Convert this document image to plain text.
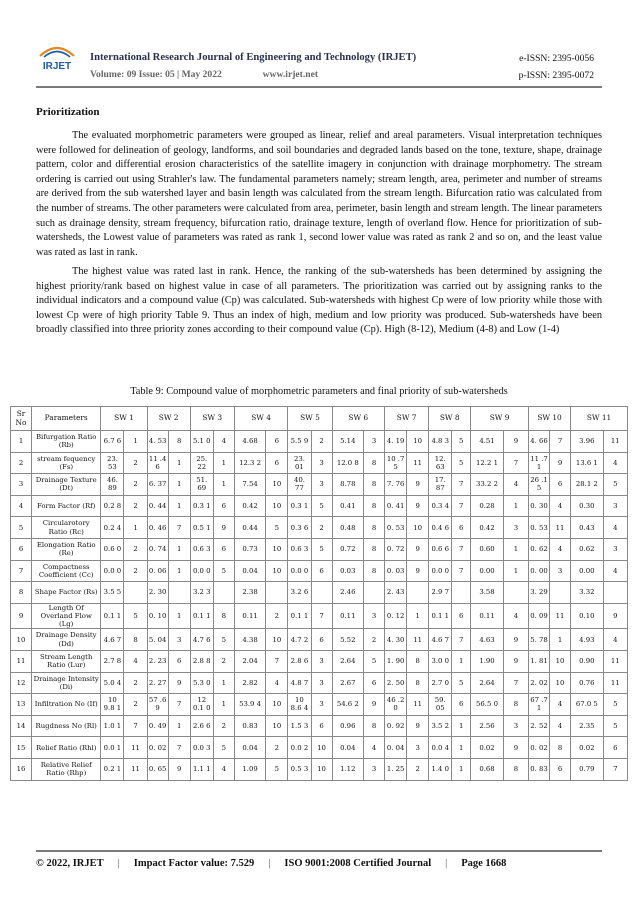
IRJET
International Research Journal of Engineering and Technology (IRJET)
Volume: 09 Issue: 05 | May 2022	www.irjet.net
e-ISSN: 2395-0056
p-ISSN: 2395-0072
Prioritization

The evaluated morphometric parameters were grouped as linear, relief and areal parameters. Visual interpretation techniques were followed for delineation of geology, landforms, and soil boundaries and degraded lands based on the tone, texture, shape, drainage pattern, color and differential erosion characteristics of the satellite imagery in conjunction with drainage morphometry. The stream ordering is carried out using Strahler's law. The fundamental parameters namely; stream length, area, perimeter and number of streams are derived from the sub watershed layer and basin length was calculated from the stream length. Bifurcation ratio was calculated from the number of streams. The other parameters were calculated from area, perimeter, basin length and stream length. The linear parameters such as drainage density, stream frequency, bifurcation ratio, drainage texture, length of overland flow. Hence for prioritization of sub-watersheds, the Lowest value of parameters was rated as rank 1, second lower value was rated as rank 2 and so on, and the least value was rated as last in rank.

The highest value was rated last in rank. Hence, the ranking of the sub-watersheds has been determined by assigning the highest priority/rank based on highest value in case of all parameters. The prioritization was carried out by assigning ranks to the individual indicators and a compound value (Cp) was calculated. Sub-watersheds with highest Cp were of low priority while those with lowest Cp were of high priority Table 9. Thus an index of high, medium and low priority was produced. Sub-watersheds have been broadly classified into three priority zones according to their compound value (Cp). High (8-12), Medium (4-8) and Low (1-4)

Table 9: Compound value of morphometric parameters and final priority of sub-watersheds
Sr No	Parameters	SW 1		SW 2		SW 3		SW 4		SW 5		SW 6		SW 7		SW 8		SW 9		SW 10		SW 11	
1	Bifurgation Ratio (Rb)	6.7 6	1	4. 53	8	5.1 0	4	4.68	6	5.5 9	2	5.14	3	4. 19	10	4.8 3	5	4.51	9	4. 66	7	3.96	11
2	stream fequency (Fs)	23. 53	2	11 .4 6	1	25. 22	1	12.3 2	6	23. 01	3	12.0 8	8	10 .7 5	11	12. 63	5	12.2 1	7	11 .7 1	9	13.6 1	4
3	Drainage Texture (Dt)	46. 89	2	6. 37	1	51. 69	1	7.54	10	40. 77	3	8.78	8	7. 76	9	17. 87	7	33.2 2	4	26 .1 5	6	28.1 2	5
4	Form Factor (Rf)	0.2 8	2	0. 44	1	0.3 1	6	0.42	10	0.3 1	5	0.41	8	0. 41	9	0.3 4	7	0.28	1	0. 30	4	0.30	3
5	Circularotory Ratio (Rc)	0.2 4	1	0. 46	7	0.5 1	9	0.44	5	0.3 6	2	0.48	8	0. 53	10	0.4 6	6	0.42	3	0. 53	11	0.43	4
6	Elongation Ratio (Re)	0.6 0	2	0. 74	1	0.6 3	6	0.73	10	0.6 3	5	0.72	8	0. 72	9	0.6 6	7	0.60	1	0. 62	4	0.62	3
7	Compactness Coefficient (Cc)	0.0 0	2	0. 06	1	0.0 0	5	0.04	10	0.0 0	6	0.03	8	0. 03	9	0.0 0	7	0.00	1	0. 00	3	0.00	4
8	Shape Factor (Rs)	3.5 5		2. 30		3.2 3		2.38		3.2 6		2.46		2. 43		2.9 7		3.58		3. 29		3.32	
9	Length Of Overland Flow (Lg)	0.1 1	5	0. 10	1	0.1 1	8	0.11	2	0.1 1	7	0.11	3	0. 12	1	0.1 1	6	0.11	4	0. 09	11	0.10	9
10	Drainage Density (Dd)	4.6 7	8	5. 04	3	4.7 6	5	4.38	10	4.7 2	6	5.52	2	4. 30	11	4.6 7	7	4.63	9	5. 78	1	4.93	4
11	Stream Length Ratio (Lur)	2.7 8	4	2. 23	6	2.8 8	2	2.04	7	2.8 6	3	2.64	5	1. 90	8	3.0 0	1	1.90	9	1. 81	10	0.90	11
12	Drainage Intensity (Di)	5.0 4	2	2. 27	9	5.3 0	1	2.82	4	4.8 7	3	2.67	6	2. 50	8	2.7 0	5	2.64	7	2. 02	10	0.76	11
13	Infiltration No (If)	10 9.8 1	2	57 .6 9	7	12 0.1 0	1	53.9 4	10	10 8.6 4	3	54.6 2	9	46 .2 0	11	59. 05	6	56.5 0	8	67 .7 1	4	67.0 5	5
14	Rugdness No (Rl)	1.0 1	7	0. 49	1	2.6 6	2	0.83	10	1.5 3	6	0.96	8	0. 92	9	3.5 2	1	2.56	3	2. 52	4	2.35	5
15	Relief Ratio (Rhl)	0.0 1	11	0. 02	7	0.0 3	5	0.04	2	0.0 2	10	0.04	4	0. 04	3	0.0 4	1	0.02	9	0. 02	8	0.02	6
16	Relative Relief Ratio (Rhp)	0.2 1	11	0. 65	9	1.1 1	4	1.09	5	0.5 3	10	1.12	3	1. 25	2	1.4 0	1	0.68	8	0. 83	6	0.79	7
© 2022, IRJET | Impact Factor value: 7.529 | ISO 9001:2008 Certified Journal | Page 1668
